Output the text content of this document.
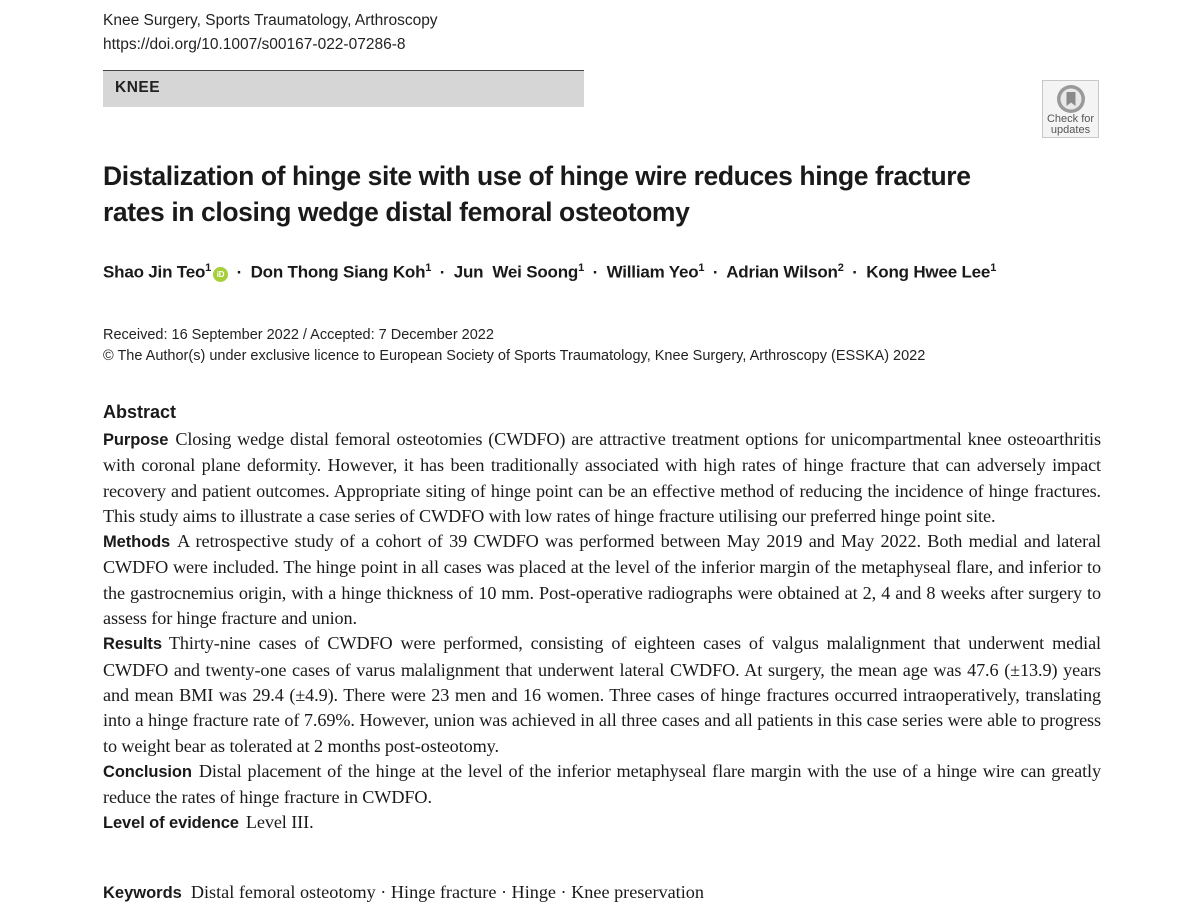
Knee Surgery, Sports Traumatology, Arthroscopy
https://doi.org/10.1007/s00167-022-07286-8
KNEE
Check for
updates
Distalization of hinge site with use of hinge wire reduces hinge fracture rates in closing wedge distal femoral osteotomy
Shao Jin Teo$^1$iD · Don Thong Siang Koh$^1$ · Jun  Wei Soong$^1$ · William Yeo$^1$ · Adrian Wilson$^2$ · Kong Hwee Lee$^1$
Received: 16 September 2022 / Accepted: 7 December 2022
© The Author(s) under exclusive licence to European Society of Sports Traumatology, Knee Surgery, Arthroscopy (ESSKA) 2022
Abstract

Purpose Closing wedge distal femoral osteotomies (CWDFO) are attractive treatment options for unicompartmental knee osteoarthritis with coronal plane deformity. However, it has been traditionally associated with high rates of hinge fracture that can adversely impact recovery and patient outcomes. Appropriate siting of hinge point can be an effective method of reducing the incidence of hinge fractures. This study aims to illustrate a case series of CWDFO with low rates of hinge fracture utilising our preferred hinge point site.

Methods A retrospective study of a cohort of 39 CWDFO was performed between May 2019 and May 2022. Both medial and lateral CWDFO were included. The hinge point in all cases was placed at the level of the inferior margin of the metaphyseal flare, and inferior to the gastrocnemius origin, with a hinge thickness of 10 mm. Post-operative radiographs were obtained at 2, 4 and 8 weeks after surgery to assess for hinge fracture and union.

Results Thirty-nine cases of CWDFO were performed, consisting of eighteen cases of valgus malalignment that underwent medial CWDFO and twenty-one cases of varus malalignment that underwent lateral CWDFO. At surgery, the mean age was 47.6 (±13.9) years and mean BMI was 29.4 (±4.9). There were 23 men and 16 women. Three cases of hinge fractures occurred intraoperatively, translating into a hinge fracture rate of 7.69%. However, union was achieved in all three cases and all patients in this case series were able to progress to weight bear as tolerated at 2 months post-osteotomy.

Conclusion Distal placement of the hinge at the level of the inferior metaphyseal flare margin with the use of a hinge wire can greatly reduce the rates of hinge fracture in CWDFO.

Level of evidence Level III.

Keywords Distal femoral osteotomy · Hinge fracture · Hinge · Knee preservation
